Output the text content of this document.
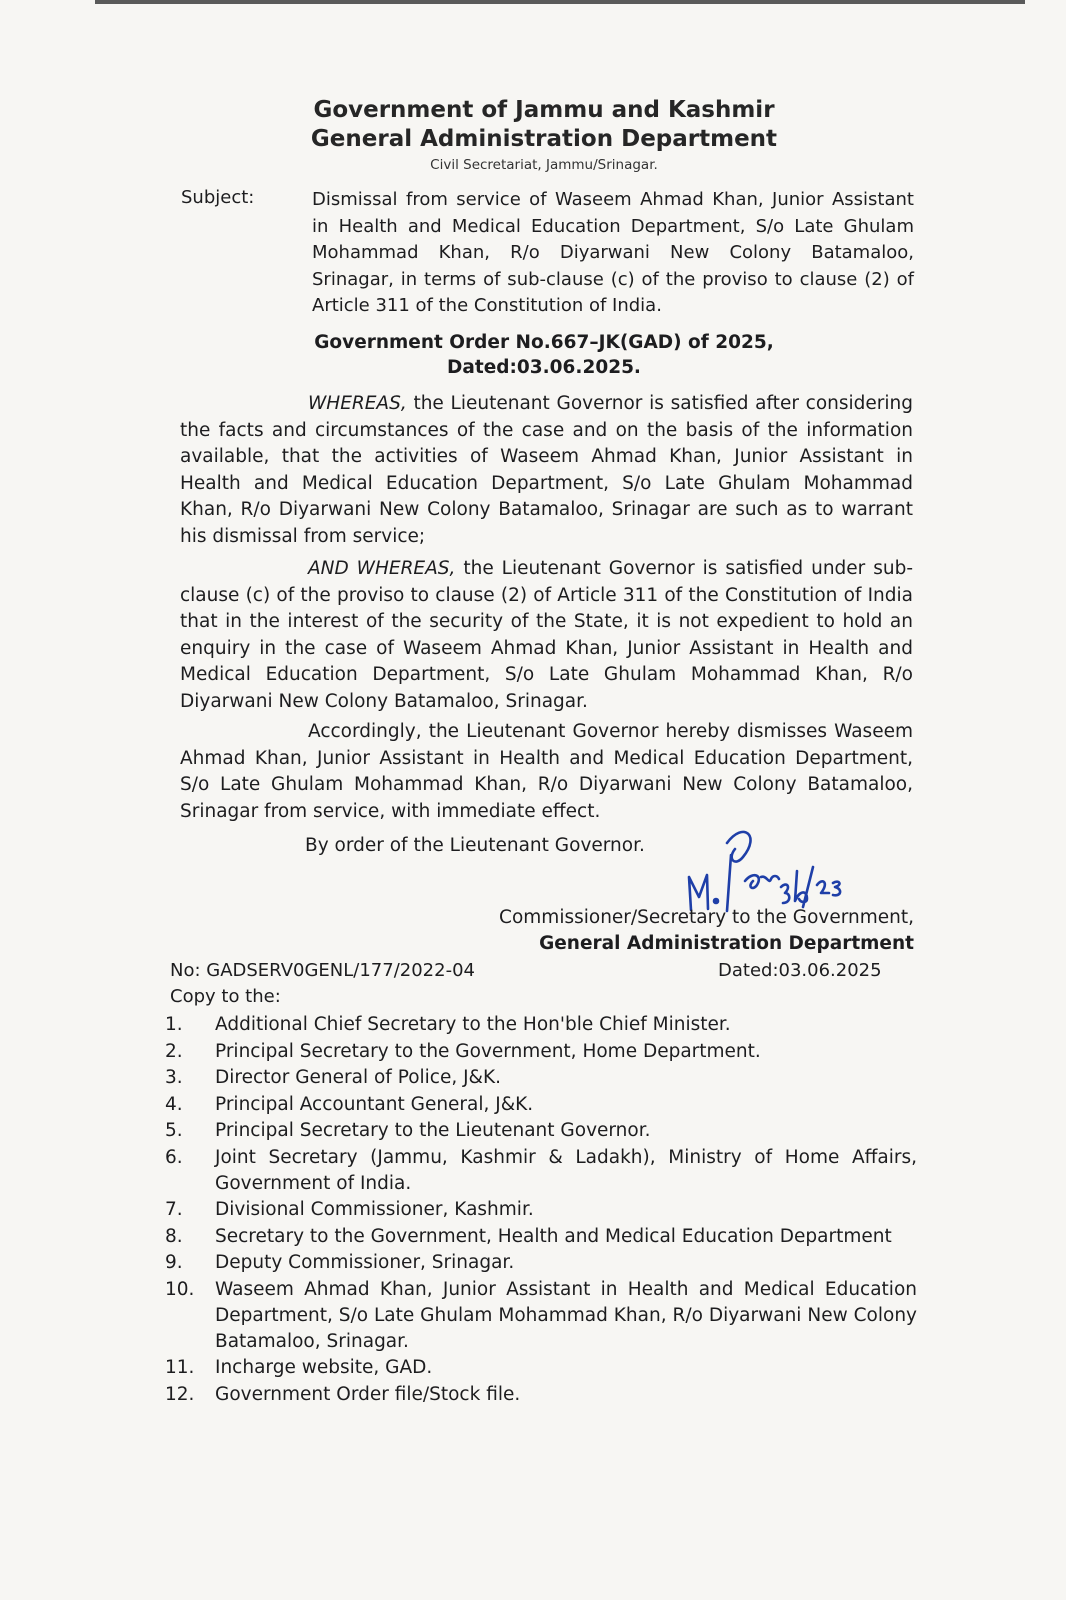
Government of Jammu and Kashmir
General Administration Department
Civil Secretariat, Jammu/Srinagar.
Subject:	Dismissal from service of Waseem Ahmad Khan, Junior Assistant in Health and Medical Education Department, S/o Late Ghulam Mohammad Khan, R/o Diyarwani New Colony Batamaloo, Srinagar, in terms of sub-clause (c) of the proviso to clause (2) of Article 311 of the Constitution of India.
Government Order No.667–JK(GAD) of 2025,
Dated:03.06.2025.
WHEREAS, the Lieutenant Governor is satisfied after considering the facts and circumstances of the case and on the basis of the information available, that the activities of Waseem Ahmad Khan, Junior Assistant in Health and Medical Education Department, S/o Late Ghulam Mohammad Khan, R/o Diyarwani New Colony Batamaloo, Srinagar are such as to warrant his dismissal from service;
AND WHEREAS, the Lieutenant Governor is satisfied under sub-clause (c) of the proviso to clause (2) of Article 311 of the Constitution of India that in the interest of the security of the State, it is not expedient to hold an enquiry in the case of Waseem Ahmad Khan, Junior Assistant in Health and Medical Education Department, S/o Late Ghulam Mohammad Khan, R/o Diyarwani New Colony Batamaloo, Srinagar.
Accordingly, the Lieutenant Governor hereby dismisses Waseem Ahmad Khan, Junior Assistant in Health and Medical Education Department, S/o Late Ghulam Mohammad Khan, R/o Diyarwani New Colony Batamaloo, Srinagar from service, with immediate effect.
By order of the Lieutenant Governor.
Commissioner/Secretary to the Government,
General Administration Department
No: GADSERV0GENL/177/2022-04	Dated:03.06.2025
Copy to the:
1.	Additional Chief Secretary to the Hon'ble Chief Minister.
2.	Principal Secretary to the Government, Home Department.
3.	Director General of Police, J&K.
4.	Principal Accountant General, J&K.
5.	Principal Secretary to the Lieutenant Governor.
6.	Joint Secretary (Jammu, Kashmir & Ladakh), Ministry of Home Affairs, Government of India.
7.	Divisional Commissioner, Kashmir.
8.	Secretary to the Government, Health and Medical Education Department
9.	Deputy Commissioner, Srinagar.
10.	Waseem Ahmad Khan, Junior Assistant in Health and Medical Education Department, S/o Late Ghulam Mohammad Khan, R/o Diyarwani New Colony Batamaloo, Srinagar.
11.	Incharge website, GAD.
12.	Government Order file/Stock file.
